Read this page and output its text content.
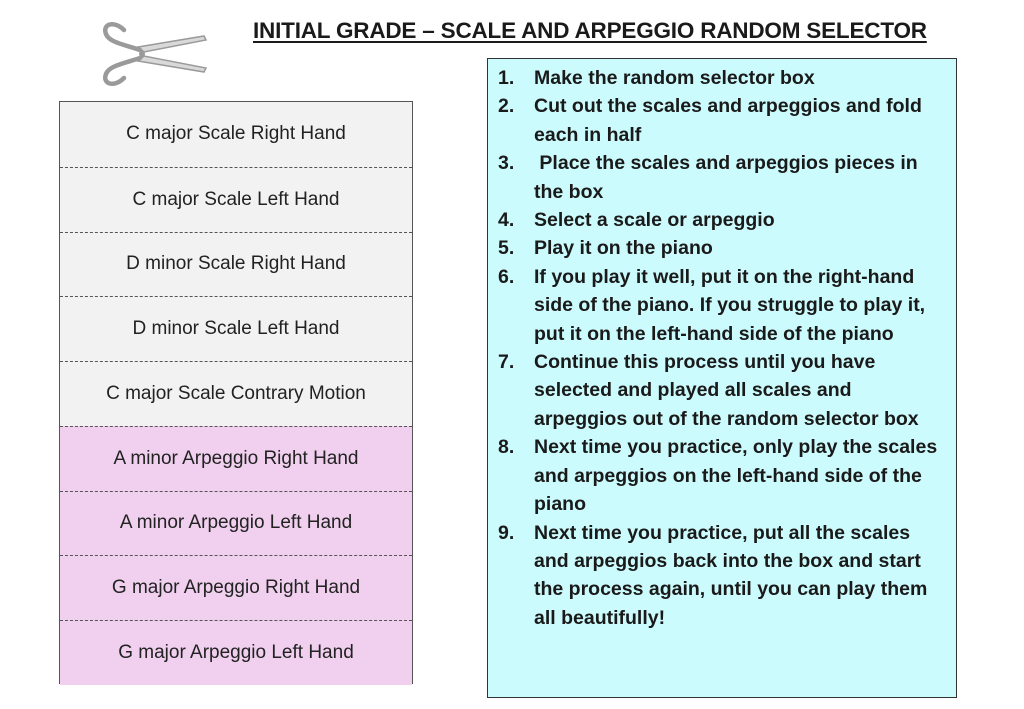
INITIAL GRADE – SCALE AND ARPEGGIO RANDOM SELECTOR
C major Scale Right Hand
C major Scale Left Hand
D minor Scale Right Hand
D minor Scale Left Hand
C major Scale Contrary Motion
A minor Arpeggio Right Hand
A minor Arpeggio Left Hand
G major Arpeggio Right Hand
G major Arpeggio Left Hand
1.	Make the random selector box
2.	Cut out the scales and arpeggios and fold each in half
3.	Place the scales and arpeggios pieces in the box
4.	Select a scale or arpeggio
5.	Play it on the piano
6.	If you play it well, put it on the right-hand side of the piano. If you struggle to play it, put it on the left-hand side of the piano
7.	Continue this process until you have selected and played all scales and arpeggios out of the random selector box
8.	Next time you practice, only play the scales and arpeggios on the left-hand side of the piano
9.	Next time you practice, put all the scales and arpeggios back into the box and start the process again, until you can play them all beautifully!
